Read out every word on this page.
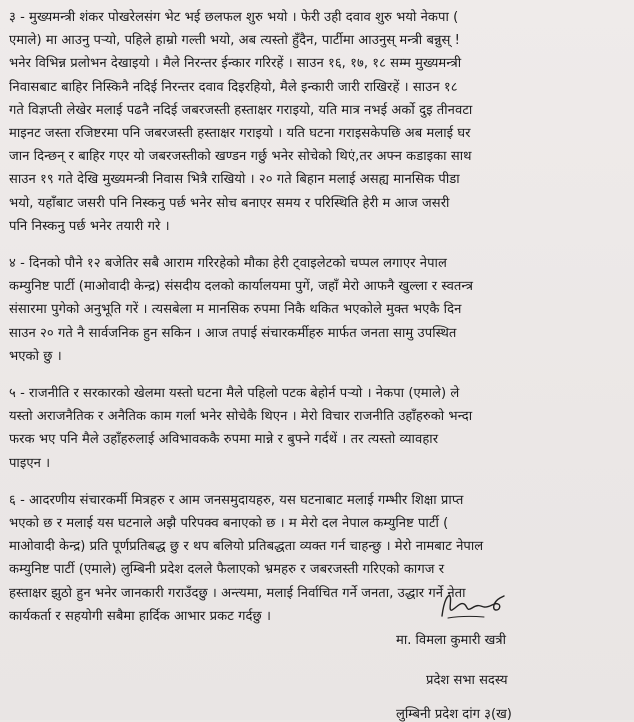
३ - मुख्यमन्त्री शंकर पोखरेलसंग भेट भई छलफल शुरु भयो । फेरी उही दवाव शुरु भयो नेकपा (
एमाले) मा आउनु पऱ्यो, पहिले हाम्रो गल्ती भयो, अब त्यस्तो हुँदैन, पार्टीमा आउनुस् मन्त्री बन्नुस् !
भनेर विभिन्न प्रलोभन देखाइयो । मैले निरन्तर ईन्कार गरिरहें । साउन १६, १७, १८ सम्म मुख्यमन्त्री
निवासबाट बाहिर निस्किनै नदिई निरन्तर दवाव दिइरहियो, मैले इन्कारी जारी राखिरहें । साउन १८
गते विज्ञप्ती लेखेर मलाई पढनै नदिई जबरजस्ती हस्ताक्षर गराइयो, यति मात्र नभई अर्को दुइ तीनवटा
माइनट जस्ता रजिष्टरमा पनि जबरजस्ती हस्ताक्षर गराइयो । यति घटना गराइसकेपछि अब मलाई घर
जान दिन्छन् र बाहिर गएर यो जबरजस्तीको खण्डन गर्छु भनेर सोचेको थिएं,तर अफ्न कडाइका साथ
साउन १९ गते देखि मुख्यमन्त्री निवास भित्रै राखियो । २० गते बिहान मलाई असह्य मानसिक पीडा
भयो, यहाँबाट जसरी पनि निस्कनु पर्छ भनेर सोच बनाएर समय र परिस्थिति हेरी म आज जसरी
पनि निस्कनु पर्छ भनेर तयारी गरे ।
४ - दिनको पौने १२ बजेतिर सबै आराम गरिरहेको मौका हेरी ट्वाइलेटको चप्पल लगाएर नेपाल
कम्युनिष्ट पार्टी (माओवादी केन्द्र) संसदीय दलको कार्यालयमा पुगें, जहाँ मेरो आफनै खुल्ला र स्वतन्त्र
संसारमा पुगेको अनुभूति गरें । त्यसबेला म मानसिक रुपमा निकै थकित भएकोले मुक्त भएकै दिन
साउन २० गते नै सार्वजनिक हुन सकिन । आज तपाई संचारकर्मीहरु मार्फत जनता सामु उपस्थित
भएको छु ।
५ - राजनीति र सरकारको खेलमा यस्तो घटना मैले पहिलो पटक बेहोर्न पर्‍यो । नेकपा (एमाले) ले
यस्तो अराजनैतिक र अनैतिक काम गर्ला भनेर सोचेकै थिएन । मेरो विचार राजनीति उहाँहरुको भन्दा
फरक भए पनि मैले उहाँहरुलाई अविभावककै रुपमा मान्ने र बुफ्ने गर्दथें । तर त्यस्तो व्यावहार
पाइएन ।
६ - आदरणीय संचारकर्मी मित्रहरु र आम जनसमुदायहरु, यस घटनाबाट मलाई गम्भीर शिक्षा प्राप्त
भएको छ र मलाई यस घटनाले अझै परिपक्व बनाएको छ । म मेरो दल नेपाल कम्युनिष्ट पार्टी (
माओवादी केन्द्र) प्रति पूर्णप्रतिबद्ध छु र थप बलियो प्रतिबद्धता व्यक्त गर्न चाहन्छु । मेरो नामबाट नेपाल
कम्युनिष्ट पार्टी (एमाले) लुम्बिनी प्रदेश दलले फैलाएको भ्रमहरु र जबरजस्ती गरिएको कागज र
हस्ताक्षर झुठो हुन भनेर जानकारी गराउँदछु । अन्त्यमा, मलाई निर्वाचित गर्ने जनता, उद्धार गर्ने नेता
कार्यकर्ता र सहयोगी सबैमा हार्दिक आभार प्रकट गर्दछु ।
मा. विमला कुमारी खत्री
प्रदेश सभा सदस्य
लुम्बिनी प्रदेश दांग ३(ख)
